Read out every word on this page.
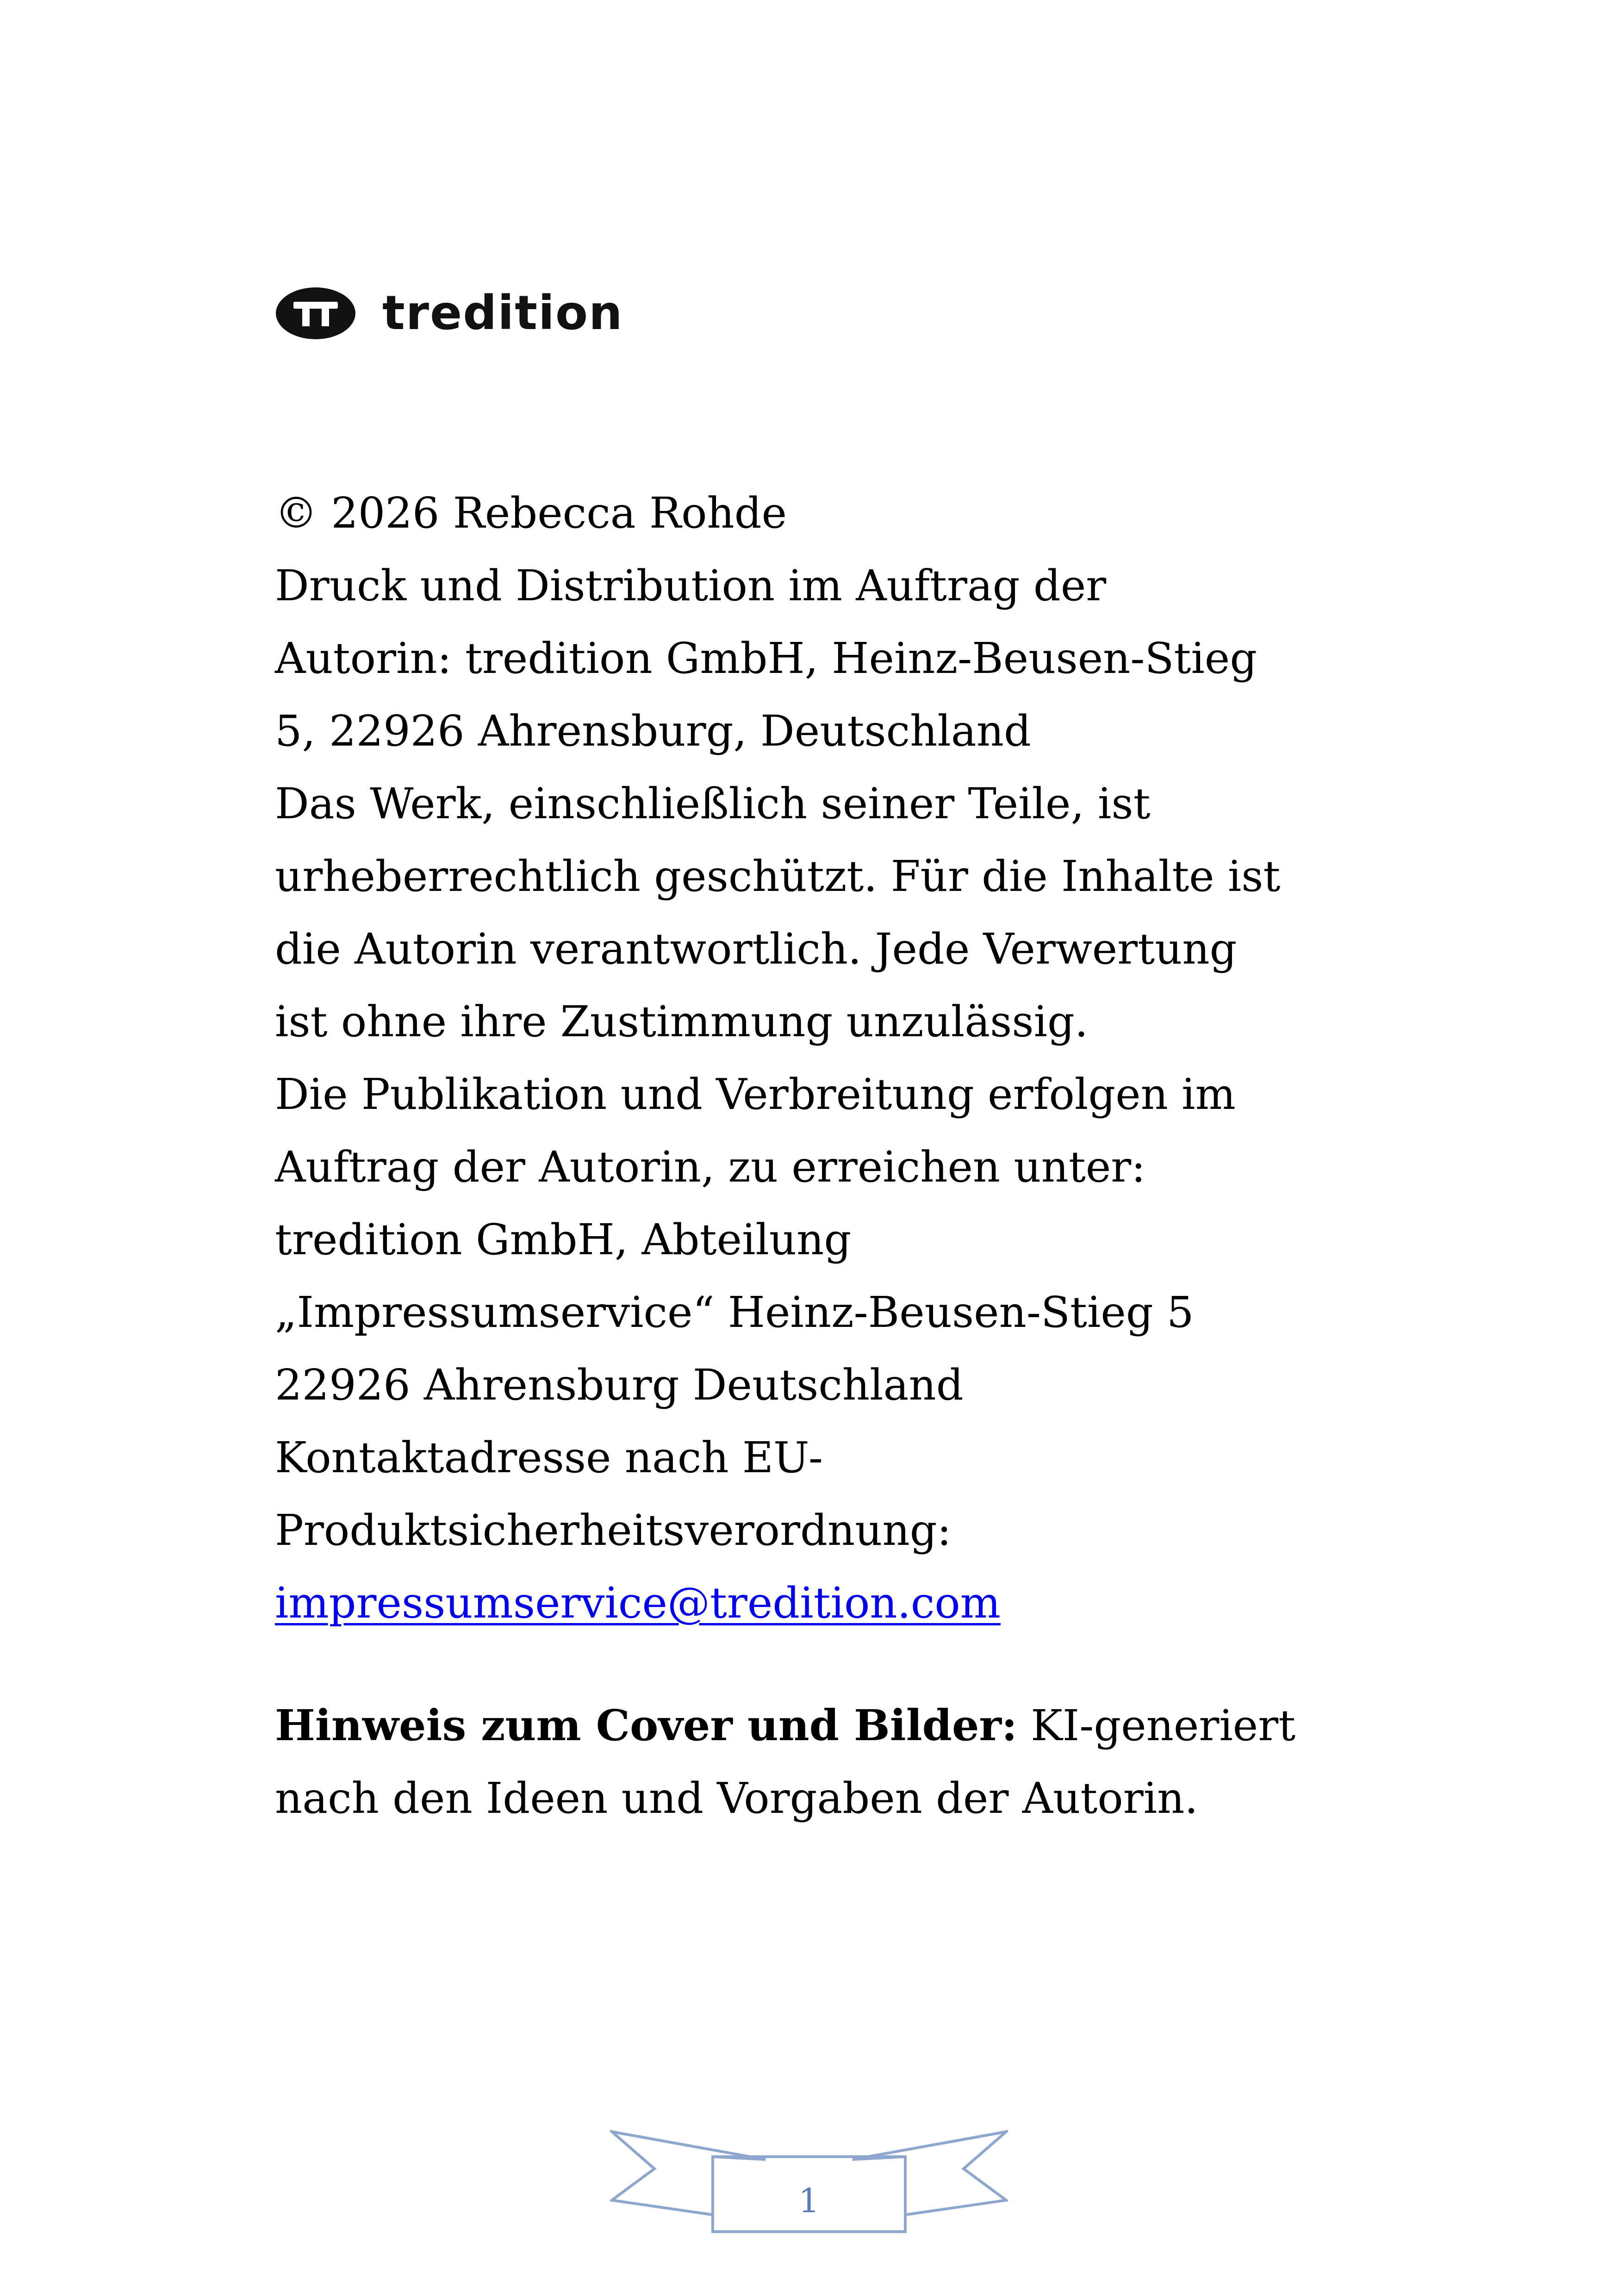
tredition
© 2026 Rebecca Rohde
Druck und Distribution im Auftrag der
Autorin: tredition GmbH, Heinz-Beusen-Stieg
5, 22926 Ahrensburg, Deutschland
Das Werk, einschließlich seiner Teile, ist
urheberrechtlich geschützt. Für die Inhalte ist
die Autorin verantwortlich. Jede Verwertung
ist ohne ihre Zustimmung unzulässig.
Die Publikation und Verbreitung erfolgen im
Auftrag der Autorin, zu erreichen unter:
tredition GmbH, Abteilung
„Impressumservice“ Heinz-Beusen-Stieg 5
22926 Ahrensburg Deutschland
Kontaktadresse nach EU-
Produktsicherheitsverordnung:
impressumservice@tredition.com
Hinweis zum Cover und Bilder: KI-generiert
nach den Ideen und Vorgaben der Autorin.
1
